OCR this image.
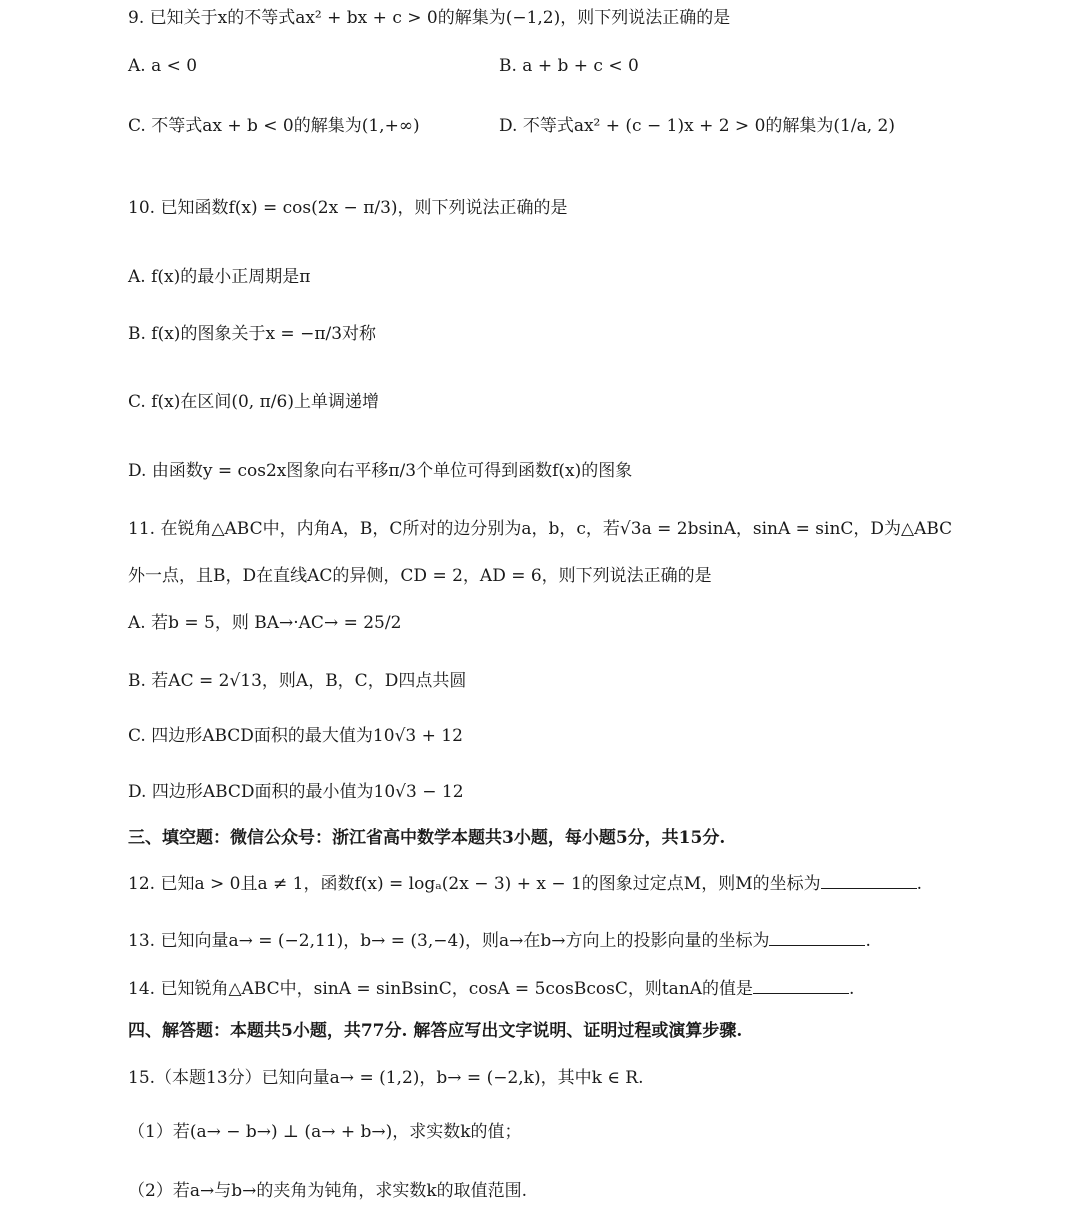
9. 已知关于x的不等式ax² + bx + c > 0的解集为(−1,2)，则下列说法正确的是
A. a < 0	B. a + b + c < 0
C. 不等式ax + b < 0的解集为(1,+∞)	D. 不等式ax² + (c − 1)x + 2 > 0的解集为(1/a, 2)
10. 已知函数f(x) = cos(2x − π/3)，则下列说法正确的是
A. f(x)的最小正周期是π
B. f(x)的图象关于x = −π/3对称
C. f(x)在区间(0, π/6)上单调递增
D. 由函数y = cos2x图象向右平移π/3个单位可得到函数f(x)的图象
11. 在锐角△ABC中，内角A，B，C所对的边分别为a，b，c，若√3a = 2bsinA，sinA = sinC，D为△ABC
外一点，且B，D在直线AC的异侧，CD = 2，AD = 6，则下列说法正确的是
A. 若b = 5，则 BA→·AC→ = 25/2
B. 若AC = 2√13，则A，B，C，D四点共圆
C. 四边形ABCD面积的最大值为10√3 + 12
D. 四边形ABCD面积的最小值为10√3 − 12
三、填空题：微信公众号：浙江省高中数学本题共3小题，每小题5分，共15分.
12. 已知a > 0且a ≠ 1，函数f(x) = logₐ(2x − 3) + x − 1的图象过定点M，则M的坐标为	.
13. 已知向量a→ = (−2,11)，b→ = (3,−4)，则a→在b→方向上的投影向量的坐标为	.
14. 已知锐角△ABC中，sinA = sinBsinC，cosA = 5cosBcosC，则tanA的值是	.
四、解答题：本题共5小题，共77分. 解答应写出文字说明、证明过程或演算步骤.
15.（本题13分）已知向量a→ = (1,2)，b→ = (−2,k)，其中k ∈ R.
（1）若(a→ − b→) ⊥ (a→ + b→)，求实数k的值；
（2）若a→与b→的夹角为钝角，求实数k的取值范围.
